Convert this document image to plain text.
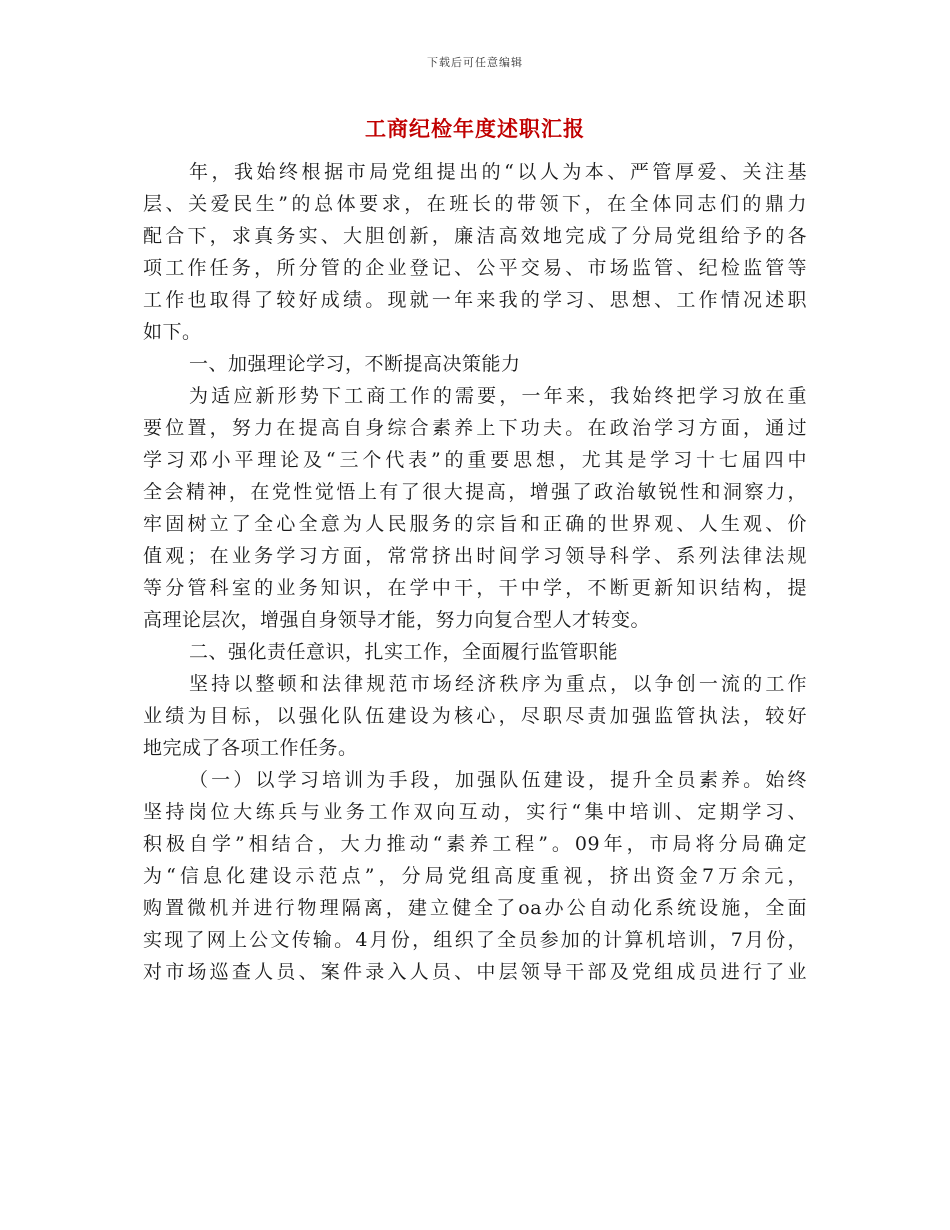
下载后可任意编辑
工商纪检年度述职汇报
年，我始终根据市局党组提出的“以人为本、严管厚爱、关注基
层、关爱民生”的总体要求，在班长的带领下，在全体同志们的鼎力
配合下，求真务实、大胆创新，廉洁高效地完成了分局党组给予的各
项工作任务，所分管的企业登记、公平交易、市场监管、纪检监管等
工作也取得了较好成绩。现就一年来我的学习、思想、工作情况述职
如下。
一、加强理论学习，不断提高决策能力
为适应新形势下工商工作的需要，一年来，我始终把学习放在重
要位置，努力在提高自身综合素养上下功夫。在政治学习方面，通过
学习邓小平理论及“三个代表”的重要思想，尤其是学习十七届四中
全会精神，在党性觉悟上有了很大提高，增强了政治敏锐性和洞察力，
牢固树立了全心全意为人民服务的宗旨和正确的世界观、人生观、价
值观；在业务学习方面，常常挤出时间学习领导科学、系列法律法规
等分管科室的业务知识，在学中干，干中学，不断更新知识结构，提
高理论层次，增强自身领导才能，努力向复合型人才转变。
二、强化责任意识，扎实工作，全面履行监管职能
坚持以整顿和法律规范市场经济秩序为重点，以争创一流的工作
业绩为目标，以强化队伍建设为核心，尽职尽责加强监管执法，较好
地完成了各项工作任务。
（一）以学习培训为手段，加强队伍建设，提升全员素养。始终
坚持岗位大练兵与业务工作双向互动，实行“集中培训、定期学习、
积极自学”相结合，大力推动“素养工程”。09年，市局将分局确定
为“信息化建设示范点”，分局党组高度重视，挤出资金7万余元，
购置微机并进行物理隔离，建立健全了oa办公自动化系统设施，全面
实现了网上公文传输。4月份，组织了全员参加的计算机培训，7月份，
对市场巡查人员、案件录入人员、中层领导干部及党组成员进行了业
